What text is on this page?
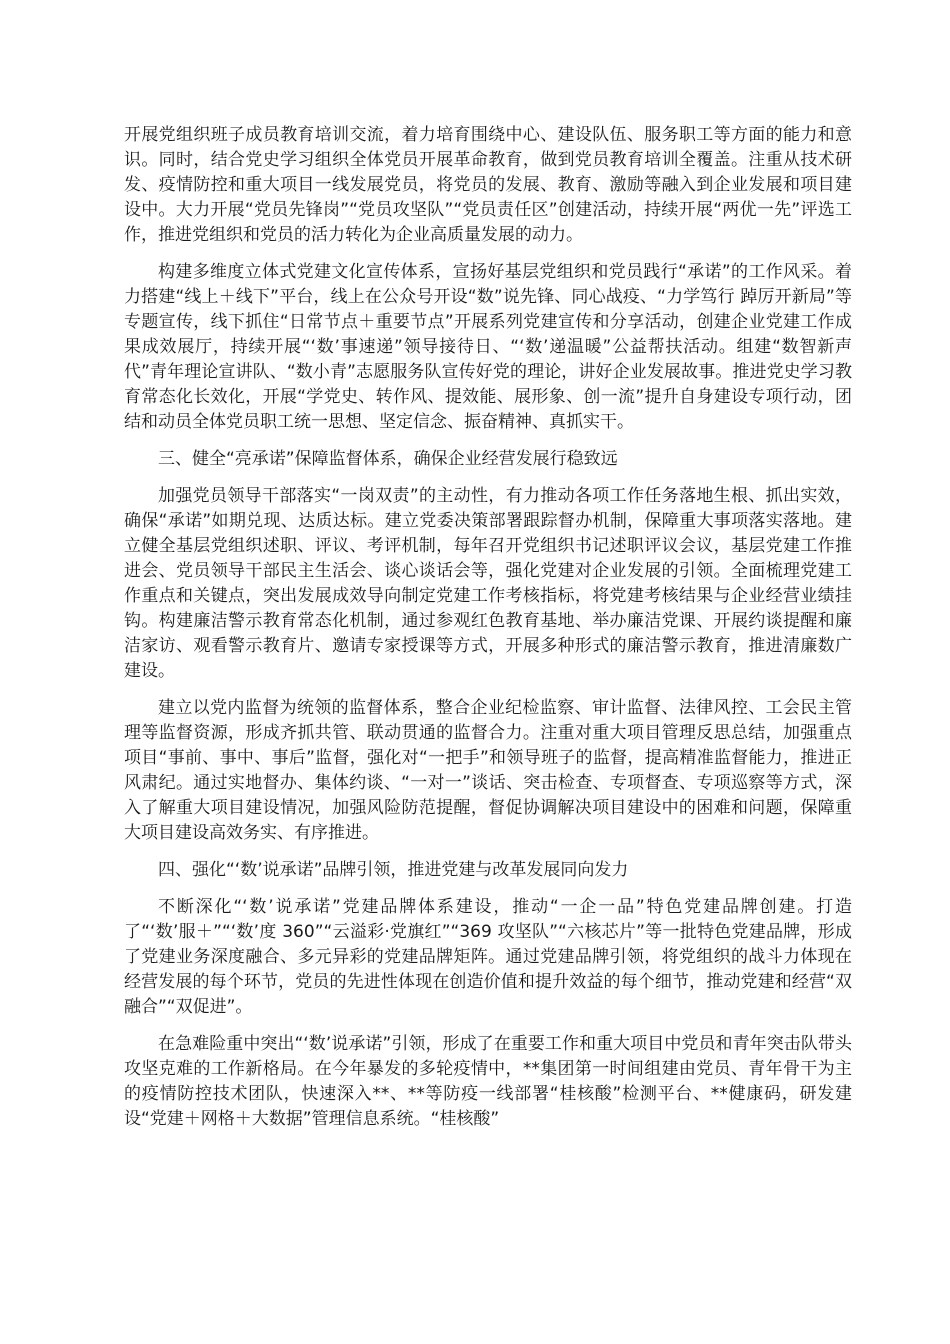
开展党组织班子成员教育培训交流，着力培育围绕中心、建设队伍、服务职工等方面的能力和意识。同时，结合党史学习组织全体党员开展革命教育，做到党员教育培训全覆盖。注重从技术研发、疫情防控和重大项目一线发展党员，将党员的发展、教育、激励等融入到企业发展和项目建设中。大力开展“党员先锋岗”“党员攻坚队”“党员责任区”创建活动，持续开展“两优一先”评选工作，推进党组织和党员的活力转化为企业高质量发展的动力。

构建多维度立体式党建文化宣传体系，宣扬好基层党组织和党员践行“承诺”的工作风采。着力搭建“线上＋线下”平台，线上在公众号开设“数”说先锋、同心战疫、“力学笃行 踔厉开新局”等专题宣传，线下抓住“日常节点＋重要节点”开展系列党建宣传和分享活动，创建企业党建工作成果成效展厅，持续开展“‘数’事速递”领导接待日、“‘数’递温暖”公益帮扶活动。组建“数智新声代”青年理论宣讲队、“数小青”志愿服务队宣传好党的理论，讲好企业发展故事。推进党史学习教育常态化长效化，开展“学党史、转作风、提效能、展形象、创一流”提升自身建设专项行动，团结和动员全体党员职工统一思想、坚定信念、振奋精神、真抓实干。

三、健全“亮承诺”保障监督体系，确保企业经营发展行稳致远

加强党员领导干部落实“一岗双责”的主动性，有力推动各项工作任务落地生根、抓出实效，确保“承诺”如期兑现、达质达标。建立党委决策部署跟踪督办机制，保障重大事项落实落地。建立健全基层党组织述职、评议、考评机制，每年召开党组织书记述职评议会议，基层党建工作推进会、党员领导干部民主生活会、谈心谈话会等，强化党建对企业发展的引领。全面梳理党建工作重点和关键点，突出发展成效导向制定党建工作考核指标，将党建考核结果与企业经营业绩挂钩。构建廉洁警示教育常态化机制，通过参观红色教育基地、举办廉洁党课、开展约谈提醒和廉洁家访、观看警示教育片、邀请专家授课等方式，开展多种形式的廉洁警示教育，推进清廉数广建设。

建立以党内监督为统领的监督体系，整合企业纪检监察、审计监督、法律风控、工会民主管理等监督资源，形成齐抓共管、联动贯通的监督合力。注重对重大项目管理反思总结，加强重点项目“事前、事中、事后”监督，强化对“一把手”和领导班子的监督，提高精准监督能力，推进正风肃纪。通过实地督办、集体约谈、“一对一”谈话、突击检查、专项督查、专项巡察等方式，深入了解重大项目建设情况，加强风险防范提醒，督促协调解决项目建设中的困难和问题，保障重大项目建设高效务实、有序推进。

四、强化“‘数’说承诺”品牌引领，推进党建与改革发展同向发力

不断深化“‘数’说承诺”党建品牌体系建设，推动“一企一品”特色党建品牌创建。打造了“‘数’服＋”“‘数’度 360”“云溢彩·党旗红”“369 攻坚队”“六核芯片”等一批特色党建品牌，形成了党建业务深度融合、多元异彩的党建品牌矩阵。通过党建品牌引领，将党组织的战斗力体现在经营发展的每个环节，党员的先进性体现在创造价值和提升效益的每个细节，推动党建和经营“双融合”“双促进”。

在急难险重中突出“‘数’说承诺”引领，形成了在重要工作和重大项目中党员和青年突击队带头攻坚克难的工作新格局。在今年暴发的多轮疫情中，**集团第一时间组建由党员、青年骨干为主的疫情防控技术团队，快速深入**、**等防疫一线部署“桂核酸”检测平台、**健康码，研发建设“党建＋网格＋大数据”管理信息系统。“桂核酸”
